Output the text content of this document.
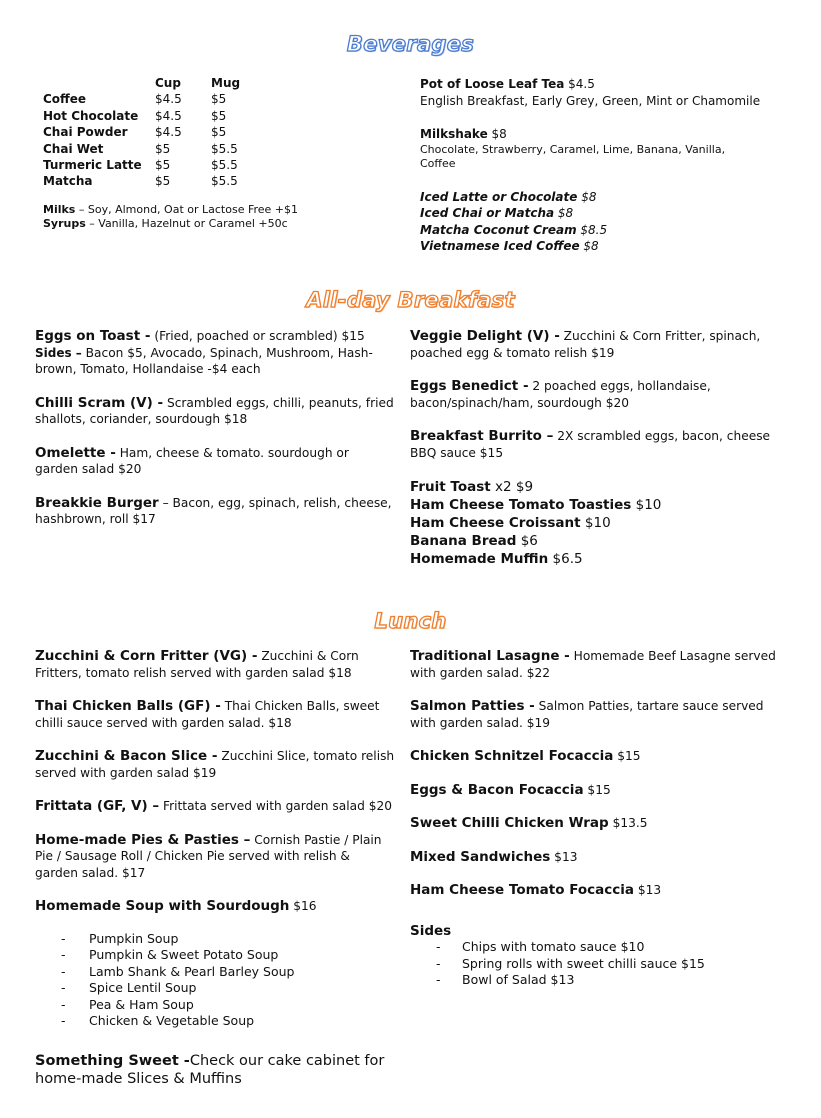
Beverages
All-day Breakfast
Lunch
	Cup	Mug
Coffee	$4.5	$5
Hot Chocolate	$4.5	$5
Chai Powder	$4.5	$5
Chai Wet	$5	$5.5
Turmeric Latte	$5	$5.5
Matcha	$5	$5.5
Milks – Soy, Almond, Oat or Lactose Free +$1
Syrups – Vanilla, Hazelnut or Caramel +50c
Pot of Loose Leaf Tea $4.5
English Breakfast, Early Grey, Green, Mint or Chamomile
Milkshake $8
Chocolate, Strawberry, Caramel, Lime, Banana, Vanilla, Coffee
Iced Latte or Chocolate $8
Iced Chai or Matcha $8
Matcha Coconut Cream $8.5
Vietnamese Iced Coffee $8
Eggs on Toast - (Fried, poached or scrambled) $15
Sides – Bacon $5, Avocado, Spinach, Mushroom, Hash-brown, Tomato, Hollandaise -$4 each
Chilli Scram (V) - Scrambled eggs, chilli, peanuts, fried shallots, coriander, sourdough $18
Omelette - Ham, cheese & tomato. sourdough or garden salad $20
Breakkie Burger – Bacon, egg, spinach, relish, cheese, hashbrown, roll $17
Veggie Delight (V) - Zucchini & Corn Fritter, spinach, poached egg & tomato relish $19
Eggs Benedict - 2 poached eggs, hollandaise, bacon/spinach/ham, sourdough $20
Breakfast Burrito – 2X scrambled eggs, bacon, cheese BBQ sauce $15
Fruit Toast x2 $9
Ham Cheese Tomato Toasties $10
Ham Cheese Croissant $10
Banana Bread $6
Homemade Muffin $6.5
Zucchini & Corn Fritter (VG) - Zucchini & Corn Fritters, tomato relish served with garden salad $18
Thai Chicken Balls (GF) - Thai Chicken Balls, sweet chilli sauce served with garden salad. $18
Zucchini & Bacon Slice - Zucchini Slice, tomato relish served with garden salad $19
Frittata (GF, V) – Frittata served with garden salad $20
Home-made Pies & Pasties – Cornish Pastie / Plain Pie / Sausage Roll / Chicken Pie served with relish & garden salad. $17
Homemade Soup with Sourdough $16
- Pumpkin Soup
- Pumpkin & Sweet Potato Soup
- Lamb Shank & Pearl Barley Soup
- Spice Lentil Soup
- Pea & Ham Soup
- Chicken & Vegetable Soup
Something Sweet -Check our cake cabinet for home-made Slices & Muffins
Traditional Lasagne - Homemade Beef Lasagne served with garden salad. $22
Salmon Patties - Salmon Patties, tartare sauce served with garden salad. $19
Chicken Schnitzel Focaccia $15
Eggs & Bacon Focaccia $15
Sweet Chilli Chicken Wrap $13.5
Mixed Sandwiches $13
Ham Cheese Tomato Focaccia $13
Sides
- Chips with tomato sauce $10
- Spring rolls with sweet chilli sauce $15
- Bowl of Salad $13
